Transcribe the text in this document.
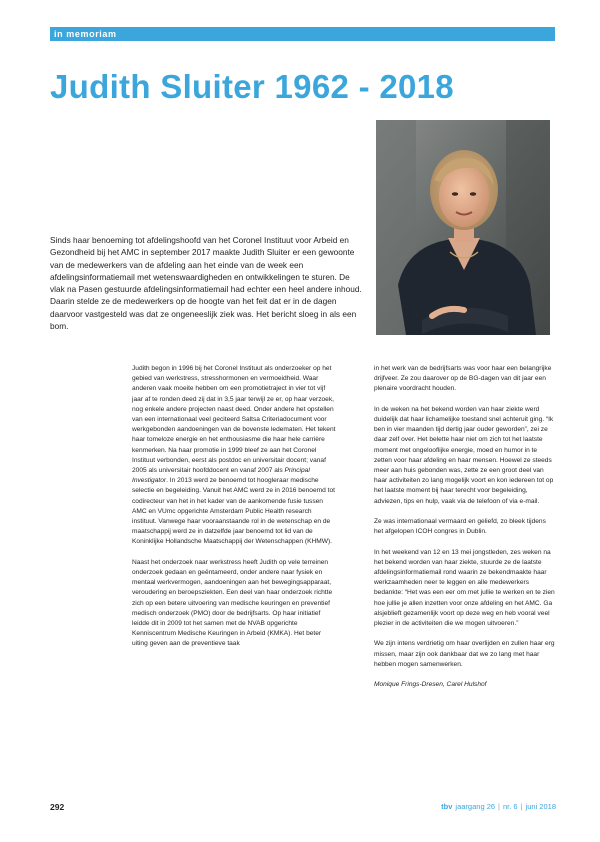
in memoriam
Judith Sluiter 1962 - 2018

Sinds haar benoeming tot afdelingshoofd van het Coronel Instituut voor Arbeid en Gezondheid bij het AMC in september 2017 maakte Judith Sluiter er een gewoonte van de medewerkers van de afdeling aan het einde van de week een afdelingsinformatiemail met wetenswaardigheden en ontwikkelingen te sturen. De vlak na Pasen gestuurde afdelingsinformatiemail had echter een heel andere inhoud. Daarin stelde ze de medewerkers op de hoogte van het feit dat er in de dagen daarvoor vastgesteld was dat ze ongeneeslijk ziek was. Het bericht sloeg in als een bom.

Judith begon in 1996 bij het Coronel Instituut als onderzoeker op het gebied van werkstress, stresshormonen en vermoeidheid. Waar anderen vaak moeite hebben om een promotietraject in vier tot vijf jaar af te ronden deed zij dat in 3,5 jaar terwijl ze er, op haar verzoek, nog enkele andere projecten naast deed. Onder andere het opstellen van een internationaal veel geciteerd Saltsa Criteriadocument voor werkgebonden aandoeningen van de bovenste ledematen. Het tekent haar tomeloze energie en het enthousiasme die haar hele carrière kenmerken. Na haar promotie in 1999 bleef ze aan het Coronel Instituut verbonden, eerst als postdoc en universitair docent; vanaf 2005 als universitair hoofddocent en vanaf 2007 als Principal Investigator. In 2013 werd ze benoemd tot hoogleraar medische selectie en begeleiding. Vanuit het AMC werd ze in 2016 benoemd tot codirecteur van het in het kader van de aankomende fusie tussen AMC en VUmc opgerichte Amsterdam Public Health research instituut. Vanwege haar vooraanstaande rol in de wetenschap en de maatschappij werd ze in datzelfde jaar benoemd tot lid van de Koninklijke Hollandsche Maatschappij der Wetenschappen (KHMW).

Naast het onderzoek naar werkstress heeft Judith op vele terreinen onderzoek gedaan en geëntameerd, onder andere naar fysiek en mentaal werkvermogen, aandoeningen aan het bewegingsapparaat, veroudering en beroepsziekten. Een deel van haar onderzoek richtte zich op een betere uitvoering van medische keuringen en preventief medisch onderzoek (PMO) door de bedrijfsarts. Op haar initiatief leidde dit in 2009 tot het samen met de NVAB opgerichte Kenniscentrum Medische Keuringen in Arbeid (KMKA). Het beter uiting geven aan de preventieve taak

in het werk van de bedrijfsarts was voor haar een belangrijke drijfveer. Ze zou daarover op de BG-dagen van dit jaar een plenaire voordracht houden.

In de weken na het bekend worden van haar ziekte werd duidelijk dat haar lichamelijke toestand snel achteruit ging. “Ik ben in vier maanden tijd dertig jaar ouder geworden”, zei ze daar zelf over. Het belette haar niet om zich tot het laatste moment met ongelooflijke energie, moed en humor in te zetten voor haar afdeling en haar mensen. Hoewel ze steeds meer aan huis gebonden was, zette ze een groot deel van haar activiteiten zo lang mogelijk voort en kon iedereen tot op het laatste moment bij haar terecht voor begeleiding, adviezen, tips en hulp, vaak via de telefoon of via e-mail.

Ze was internationaal vermaard en geliefd, zo bleek tijdens het afgelopen ICOH congres in Dublin.

In het weekend van 12 en 13 mei jongstleden, zes weken na het bekend worden van haar ziekte, stuurde ze de laatste afdelingsinformatiemail rond waarin ze bekendmaakte haar werkzaamheden neer te leggen en alle medewerkers bedankte: “Het was een eer om met jullie te werken en te zien hoe jullie je allen inzetten voor onze afdeling en het AMC. Ga alsjeblieft gezamenlijk voort op deze weg en heb vooral veel plezier in de activiteiten die we mogen uitvoeren.”

We zijn intens verdrietig om haar overlijden en zullen haar erg missen, maar zijn ook dankbaar dat we zo lang met haar hebben mogen samenwerken.

Monique Frings-Dresen, Carel Hulshof

292	tbv jaargang 26 | nr. 6 | juni 2018
